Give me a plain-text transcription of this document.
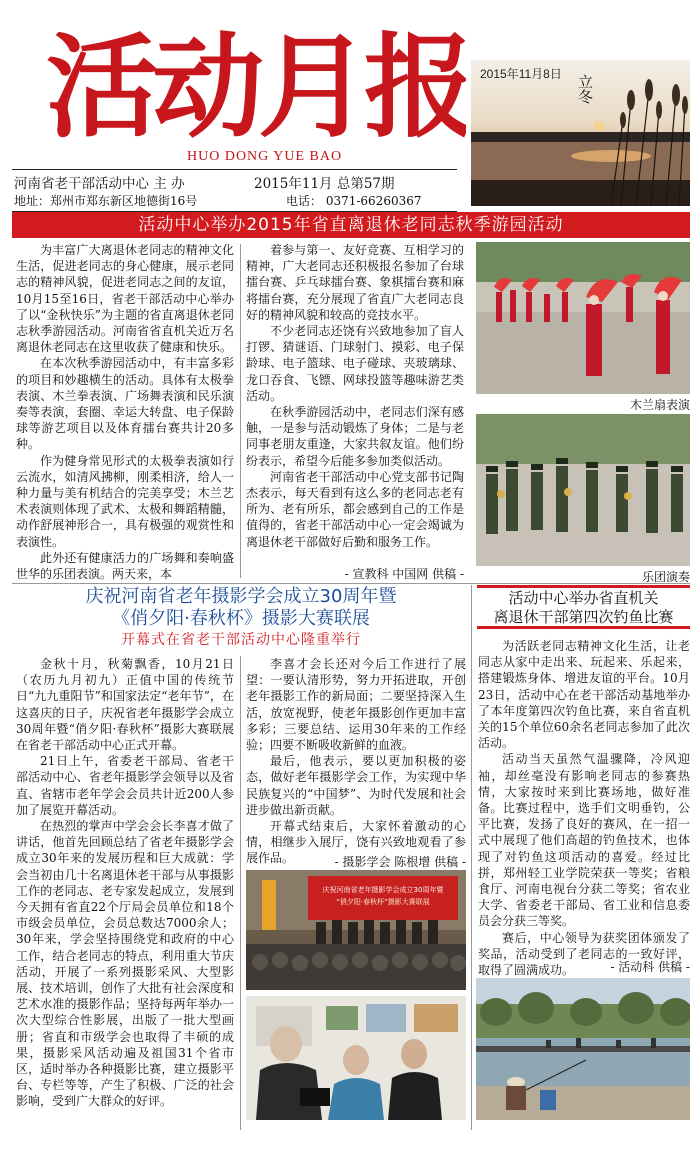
活动月报
HUO DONG YUE BAO
河南省老干部活动中心 主 办	2015年11月 总第57期
地址：郑州市郑东新区地德街16号	电话： 0371-66260367
2015年11月8日 立冬
活动中心举办2015年省直离退休老同志秋季游园活动

为丰富广大离退休老同志的精神文化生活，促进老同志的身心健康，展示老同志的精神风貌，促进老同志之间的友谊，10月15至16日，省老干部活动中心举办了以“金秋快乐”为主题的省直离退休老同志秋季游园活动。河南省省直机关近万名离退休老同志在这里收获了健康和快乐。

在本次秋季游园活动中，有丰富多彩的项目和妙趣横生的活动。具体有太极拳表演、木兰拳表演、广场舞表演和民乐演奏等表演，套圈、幸运大转盘、电子保龄球等游艺项目以及体育擂台赛共计20多种。

作为健身常见形式的太极拳表演如行云流水，如清风拂柳，刚柔相济，给人一种力量与美有机结合的完美享受；木兰艺术表演则体现了武术、太极和舞蹈精髓，动作舒展神形合一，具有极强的观赏性和表演性。

此外还有健康活力的广场舞和奏响盛世华的乐团表演。两天来，本

着参与第一、友好竞赛、互相学习的精神，广大老同志还积极报名参加了台球擂台赛、乒乓球擂台赛、象棋擂台赛和麻将擂台赛，充分展现了省直广大老同志良好的精神风貌和较高的竞技水平。

不少老同志还饶有兴致地参加了盲人打锣、猜谜语、门球射门、摸彩、电子保龄球、电子篮球、电子碰球、夹玻璃球、龙口吞食、飞镖、网球投篮等趣味游艺类活动。

在秋季游园活动中，老同志们深有感触，一是参与活动锻炼了身体；二是与老同事老朋友重逢，大家共叙友谊。他们纷纷表示，希望今后能多参加类似活动。

河南省老干部活动中心党支部书记陶杰表示，每天看到有这么多的老同志老有所为、老有所乐，都会感到自己的工作是值得的，省老干部活动中心一定会竭诚为离退休老干部做好后勤和服务工作。

- 宣教科 中国网 供稿 -
木兰扇表演
乐团演奏
庆祝河南省老年摄影学会成立30周年暨
《俏夕阳·春秋杯》摄影大赛联展
开幕式在省老干部活动中心隆重举行

金秋十月，秋菊飘香，10月21日（农历九月初九）正值中国的传统节日“九九重阳节”和国家法定“老年节”，在这喜庆的日子，庆祝省老年摄影学会成立30周年暨“俏夕阳·春秋杯”摄影大赛联展在省老干部活动中心正式开幕。

21日上午，省委老干部局、省老干部活动中心、省老年摄影学会领导以及省直、省辖市老年学会会员共计近200人参加了展览开幕活动。

在热烈的掌声中学会会长李喜才做了讲话，他首先回顾总结了省老年摄影学会成立30年来的发展历程和巨大成就：学会当初由几十名离退休老干部与从事摄影工作的老同志、老专家发起成立，发展到今天拥有省直22个厅局会员单位和18个市级会员单位，会员总数达7000余人；30年来，学会坚持围绕党和政府的中心工作，结合老同志的特点，利用重大节庆活动，开展了一系列摄影采风、大型影展、技术培训，创作了大批有社会深度和艺术水准的摄影作品；坚持每两年举办一次大型综合性影展，出版了一批大型画册；省直和市级学会也取得了丰硕的成果，摄影采风活动遍及祖国31个省市区，适时举办各种摄影比赛，建立摄影平台、专栏等等，产生了积极、广泛的社会影响，受到广大群众的好评。

李喜才会长还对今后工作进行了展望：一要认清形势，努力开拓进取，开创老年摄影工作的新局面；二要坚持深入生活，放宽视野，使老年摄影创作更加丰富多彩；三要总结、运用30年来的工作经验；四要不断吸收新鲜的血液。

最后，他表示，要以更加积极的姿态，做好老年摄影学会工作，为实现中华民族复兴的“中国梦”、为时代发展和社会进步做出新贡献。

开幕式结束后，大家怀着激动的心情，相继步入展厅，饶有兴致地观看了参展作品。	- 摄影学会 陈根增 供稿 -
庆祝河南省老年摄影学会成立30周年暨
“俏夕阳·春秋杯”摄影大赛联展
活动中心举办省直机关
离退休干部第四次钓鱼比赛

为活跃老同志精神文化生活，让老同志从家中走出来、玩起来、乐起来，搭建锻炼身体、增进友谊的平台。10月23日，活动中心在老干部活动基地举办了本年度第四次钓鱼比赛，来自省直机关的15个单位60余名老同志参加了此次活动。

活动当天虽然气温骤降，冷风迎袖，却丝毫没有影响老同志的参赛热情，大家按时来到比赛场地，做好准备。比赛过程中，选手们文明垂钓，公平比赛，发扬了良好的赛风，在一招一式中展现了他们高超的钓鱼技术，也体现了对钓鱼这项活动的喜爱。经过比拼，郑州轻工业学院荣获一等奖；省粮食厅、河南电视台分获二等奖；省农业大学、省委老干部局、省工业和信息委员会分获三等奖。

赛后，中心领导为获奖团体颁发了奖品，活动受到了老同志的一致好评，取得了圆满成功。	- 活动科 供稿 -
